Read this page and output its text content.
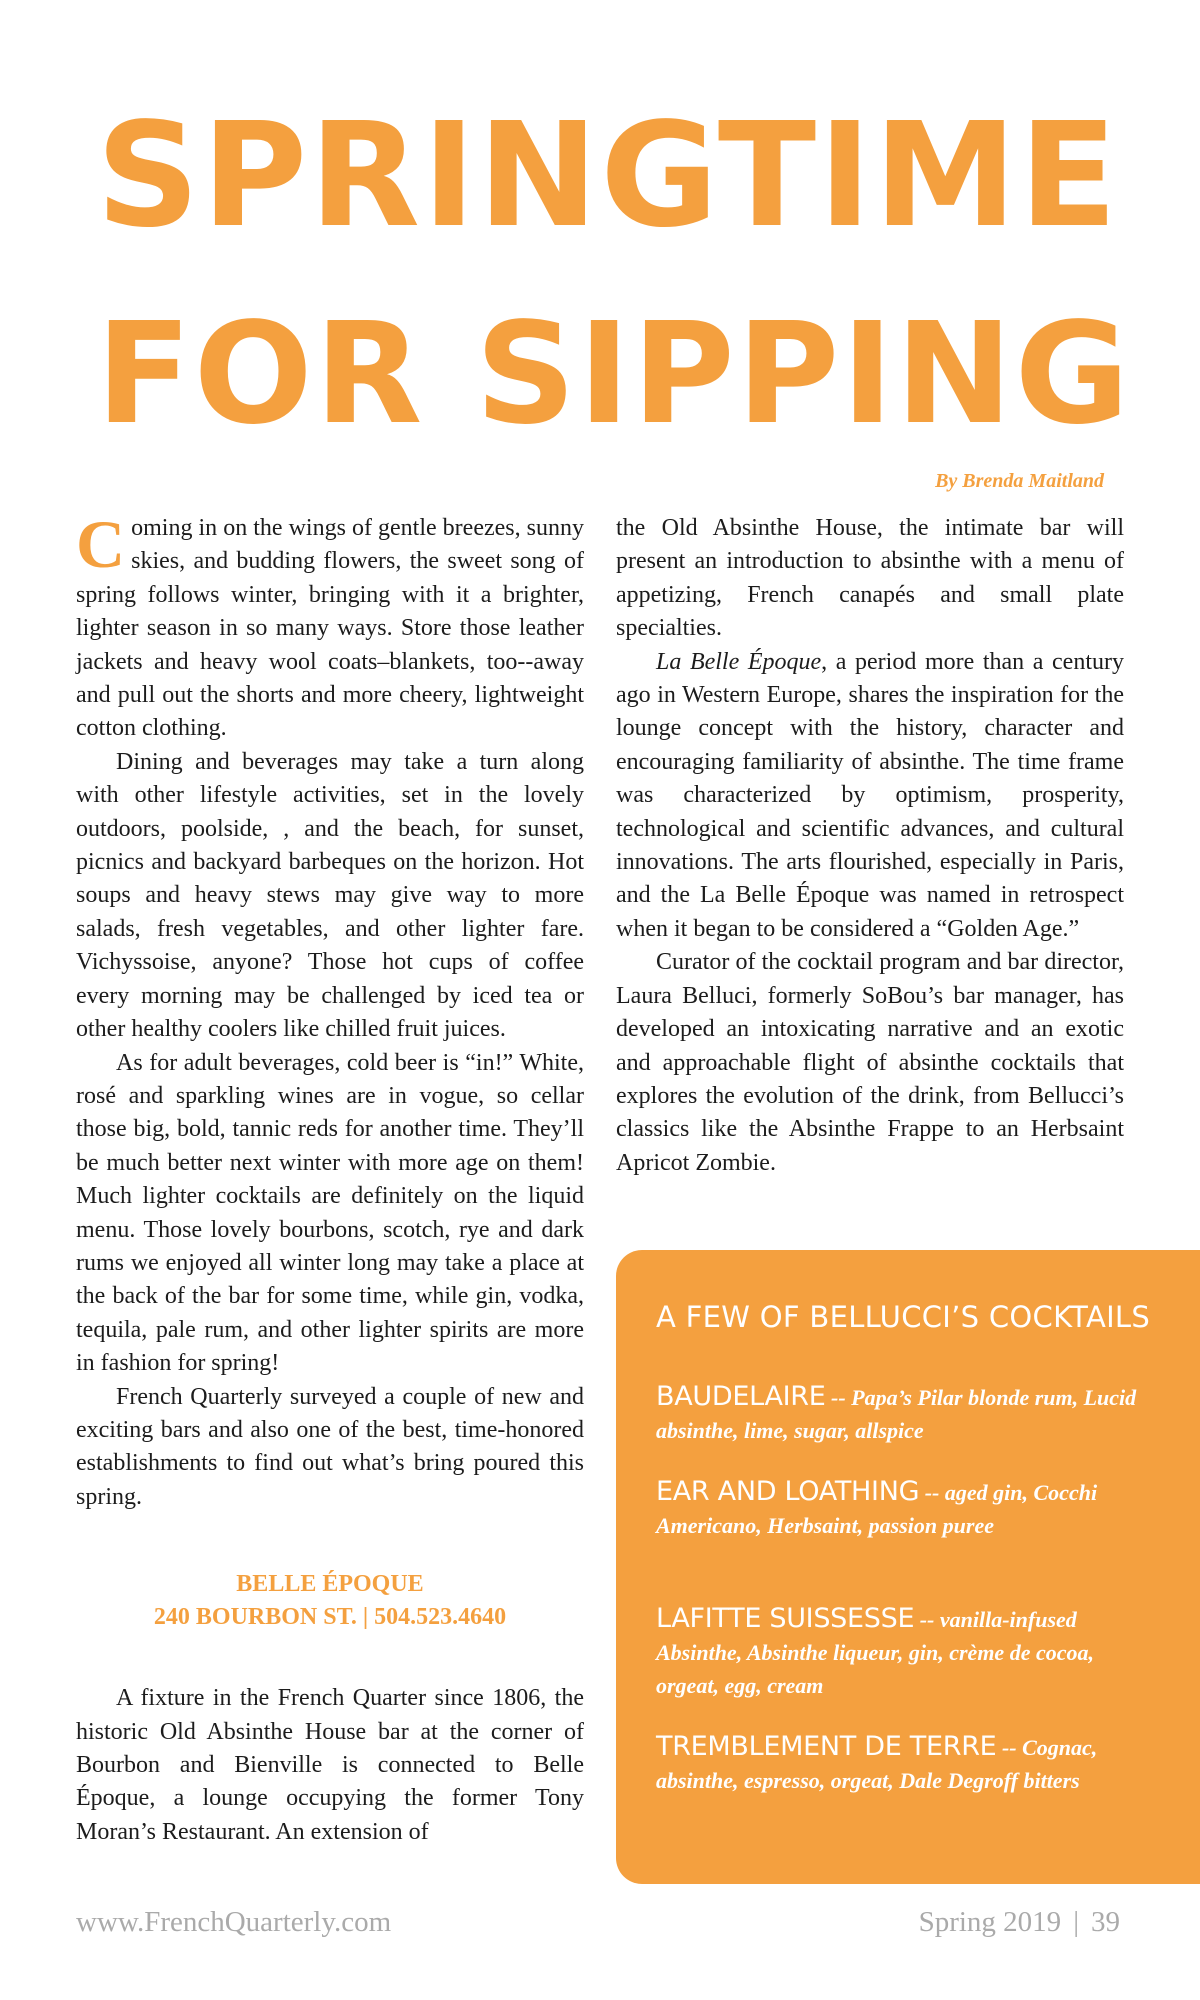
SPRINGTIME
FOR SIPPING

By Brenda Maitland

Coming in on the wings of gentle breezes, sunny skies, and budding flowers, the sweet song of spring follows winter, bringing with it a brighter, lighter season in so many ways. Store those leather jackets and heavy wool coats–blankets, too--away and pull out the shorts and more cheery, lightweight cotton clothing.

Dining and beverages may take a turn along with other lifestyle activities, set in the lovely outdoors, poolside, , and the beach, for sunset, picnics and backyard barbeques on the horizon. Hot soups and heavy stews may give way to more salads, fresh vegetables, and other lighter fare. Vichyssoise, anyone? Those hot cups of coffee every morning may be challenged by iced tea or other healthy coolers like chilled fruit juices.

As for adult beverages, cold beer is “in!” White, rosé and sparkling wines are in vogue, so cellar those big, bold, tannic reds for another time. They’ll be much better next winter with more age on them! Much lighter cocktails are definitely on the liquid menu. Those lovely bourbons, scotch, rye and dark rums we enjoyed all winter long may take a place at the back of the bar for some time, while gin, vodka, tequila, pale rum, and other lighter spirits are more in fashion for spring!

French Quarterly surveyed a couple of new and exciting bars and also one of the best, time-honored establishments to find out what’s bring poured this spring.

BELLE ÉPOQUE
240 BOURBON ST. | 504.523.4640

A fixture in the French Quarter since 1806, the historic Old Absinthe House bar at the corner of Bourbon and Bienville is connected to Belle Époque, a lounge occupying the former Tony Moran’s Restaurant. An extension of

the Old Absinthe House, the intimate bar will present an introduction to absinthe with a menu of appetizing, French canapés and small plate specialties.

La Belle Époque, a period more than a century ago in Western Europe, shares the inspiration for the lounge concept with the history, character and encouraging familiarity of absinthe. The time frame was characterized by optimism, prosperity, technological and scientific advances, and cultural innovations. The arts flourished, especially in Paris, and the La Belle Époque was named in retrospect when it began to be considered a “Golden Age.”

Curator of the cocktail program and bar director, Laura Belluci, formerly SoBou’s bar manager, has developed an intoxicating narrative and an exotic and approachable flight of absinthe cocktails that explores the evolution of the drink, from Bellucci’s classics like the Absinthe Frappe to an Herbsaint Apricot Zombie.

A FEW OF BELLUCCI’S COCKTAILS
BAUDELAIRE -- Papa’s Pilar blonde rum, Lucid absinthe, lime, sugar, allspice
EAR AND LOATHING -- aged gin, Cocchi Americano, Herbsaint, passion puree
LAFITTE SUISSESSE -- vanilla-infused Absinthe, Absinthe liqueur, gin, crème de cocoa, orgeat, egg, cream
TREMBLEMENT DE TERRE -- Cognac, absinthe, espresso, orgeat, Dale Degroff bitters
www.FrenchQuarterly.com	Spring 2019 | 39
